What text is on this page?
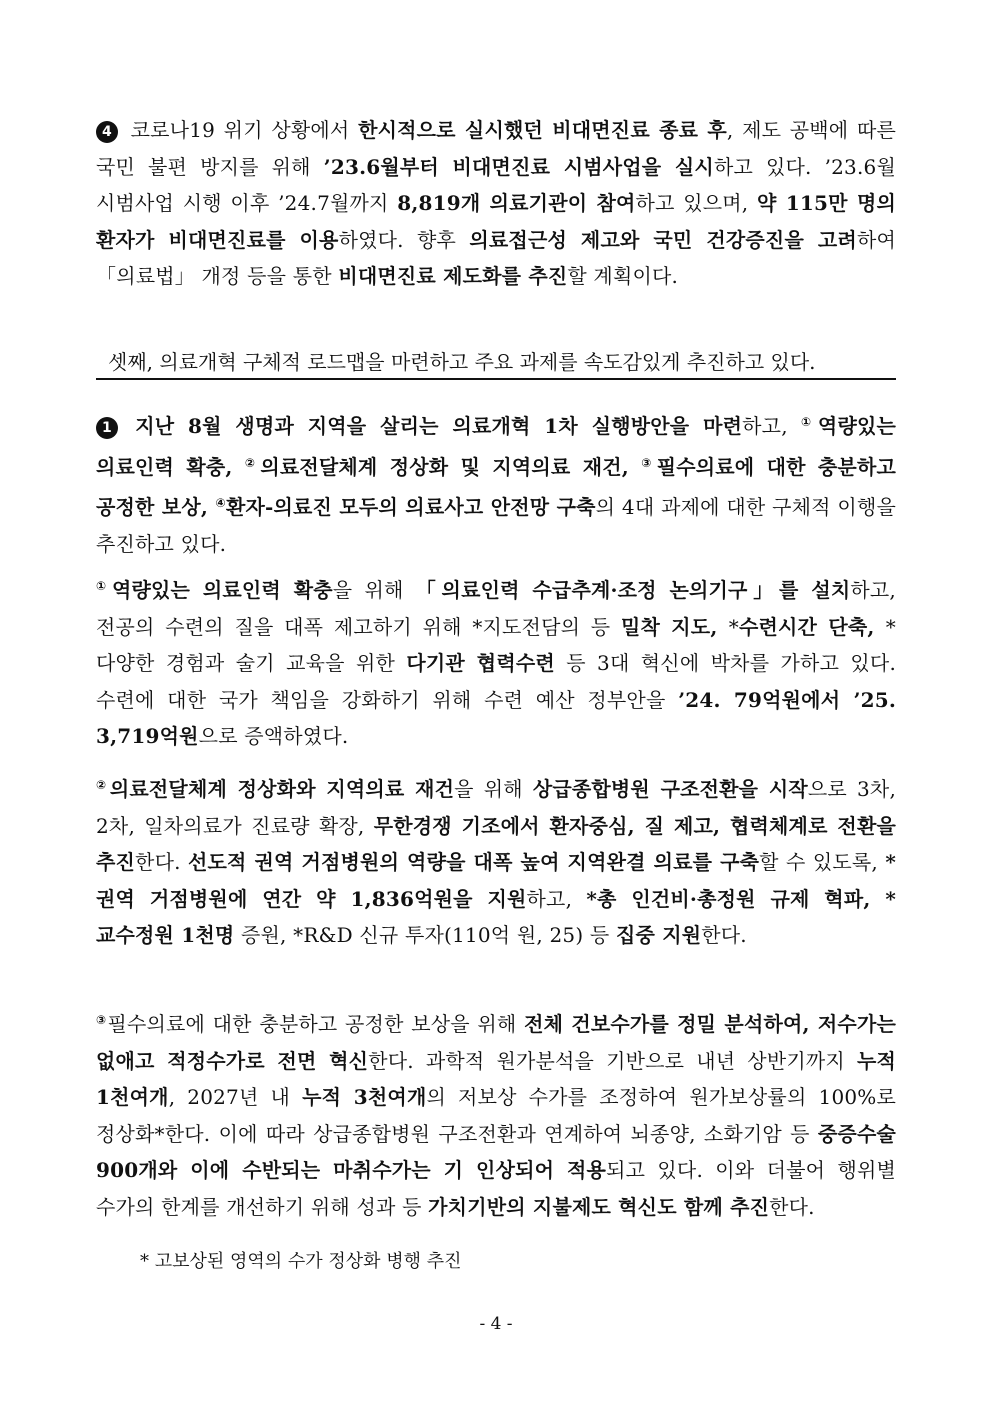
4 코로나19 위기 상황에서 한시적으로 실시했던 비대면진료 종료 후, 제도 공백에 따른 국민 불편 방지를 위해 ’23.6월부터 비대면진료 시범사업을 실시하고 있다. ’23.6월 시범사업 시행 이후 ’24.7월까지 8,819개 의료기관이 참여하고 있으며, 약 115만 명의 환자가 비대면진료를 이용하였다. 향후 의료접근성 제고와 국민 건강증진을 고려하여 「의료법」 개정 등을 통한 비대면진료 제도화를 추진할 계획이다.
셋째, 의료개혁 구체적 로드맵을 마련하고 주요 과제를 속도감있게 추진하고 있다.
1 지난 8월 생명과 지역을 살리는 의료개혁 1차 실행방안을 마련하고, ①역량있는 의료인력 확충, ②의료전달체계 정상화 및 지역의료 재건, ③필수의료에 대한 충분하고 공정한 보상, ④환자-의료진 모두의 의료사고 안전망 구축의 4대 과제에 대한 구체적 이행을 추진하고 있다.
①역량있는 의료인력 확충을 위해 「의료인력 수급추계·조정 논의기구」를 설치하고, 전공의 수련의 질을 대폭 제고하기 위해 *지도전담의 등 밀착 지도, *수련시간 단축, *다양한 경험과 술기 교육을 위한 다기관 협력수련 등 3대 혁신에 박차를 가하고 있다. 수련에 대한 국가 책임을 강화하기 위해 수련 예산 정부안을 ’24. 79억원에서 ’25. 3,719억원으로 증액하였다.
②의료전달체계 정상화와 지역의료 재건을 위해 상급종합병원 구조전환을 시작으로 3차, 2차, 일차의료가 진료량 확장, 무한경쟁 기조에서 환자중심, 질 제고, 협력체계로 전환을 추진한다. 선도적 권역 거점병원의 역량을 대폭 높여 지역완결 의료를 구축할 수 있도록, *권역 거점병원에 연간 약 1,836억원을 지원하고, *총 인건비·총정원 규제 혁파, *교수정원 1천명 증원, *R&D 신규 투자(110억 원, 25) 등 집중 지원한다.
③필수의료에 대한 충분하고 공정한 보상을 위해 전체 건보수가를 정밀 분석하여, 저수가는 없애고 적정수가로 전면 혁신한다. 과학적 원가분석을 기반으로 내년 상반기까지 누적 1천여개, 2027년 내 누적 3천여개의 저보상 수가를 조정하여 원가보상률의 100%로 정상화*한다. 이에 따라 상급종합병원 구조전환과 연계하여 뇌종양, 소화기암 등 중증수술 900개와 이에 수반되는 마취수가는 기 인상되어 적용되고 있다. 이와 더불어 행위별 수가의 한계를 개선하기 위해 성과 등 가치기반의 지불제도 혁신도 함께 추진한다.
* 고보상된 영역의 수가 정상화 병행 추진
- 4 -
